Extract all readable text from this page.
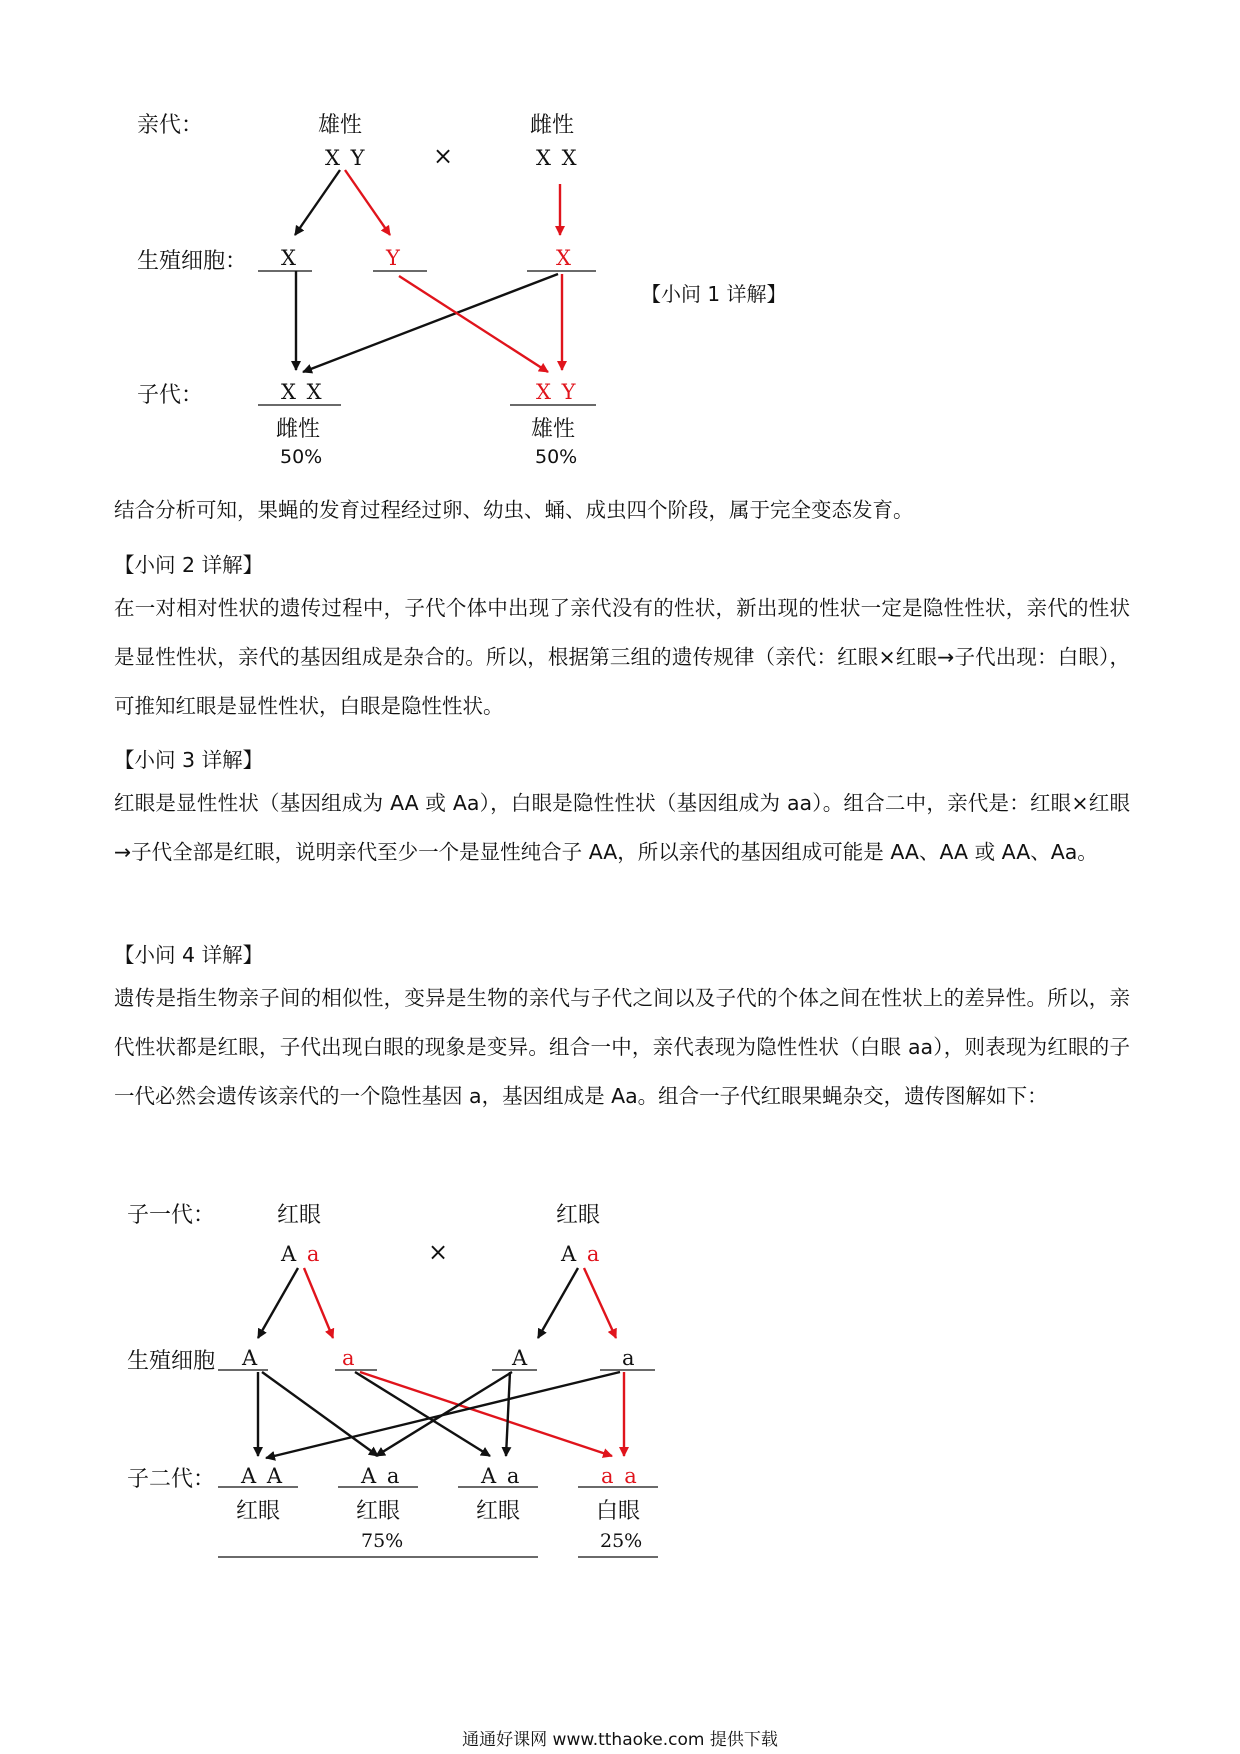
亲代：
生殖细胞：
子代：
雄性	雌性
X Y	X X
×
X	Y	X
X X	X Y
雌性	雄性
50%	50%
【小问 1 详解】
结合分析可知，果蝇的发育过程经过卵、幼虫、蛹、成虫四个阶段，属于完全变态发育。
【小问 2 详解】
在一对相对性状的遗传过程中，子代个体中出现了亲代没有的性状，新出现的性状一定是隐性性状，亲代的性状是显性性状，亲代的基因组成是杂合的。所以，根据第三组的遗传规律（亲代：红眼×红眼→子代出现：白眼），可推知红眼是显性性状，白眼是隐性性状。
【小问 3 详解】
红眼是显性性状（基因组成为 AA 或 Aa），白眼是隐性性状（基因组成为 aa）。组合二中，亲代是：红眼×红眼→子代全部是红眼，说明亲代至少一个是显性纯合子 AA，所以亲代的基因组成可能是 AA、AA 或 AA、Aa。
【小问 4 详解】
遗传是指生物亲子间的相似性，变异是生物的亲代与子代之间以及子代的个体之间在性状上的差异性。所以，亲代性状都是红眼，子代出现白眼的现象是变异。组合一中，亲代表现为隐性性状（白眼 aa），则表现为红眼的子一代必然会遗传该亲代的一个隐性基因 a，基因组成是 Aa。组合一子代红眼果蝇杂交，遗传图解如下：
子一代：
生殖细胞
子二代：
红眼	红眼
A a	A a
×
A	a	A	a
A A	A a	A a	a a
红眼	红眼	红眼	白眼
75%	25%
通通好课网 www.tthaoke.com 提供下载
